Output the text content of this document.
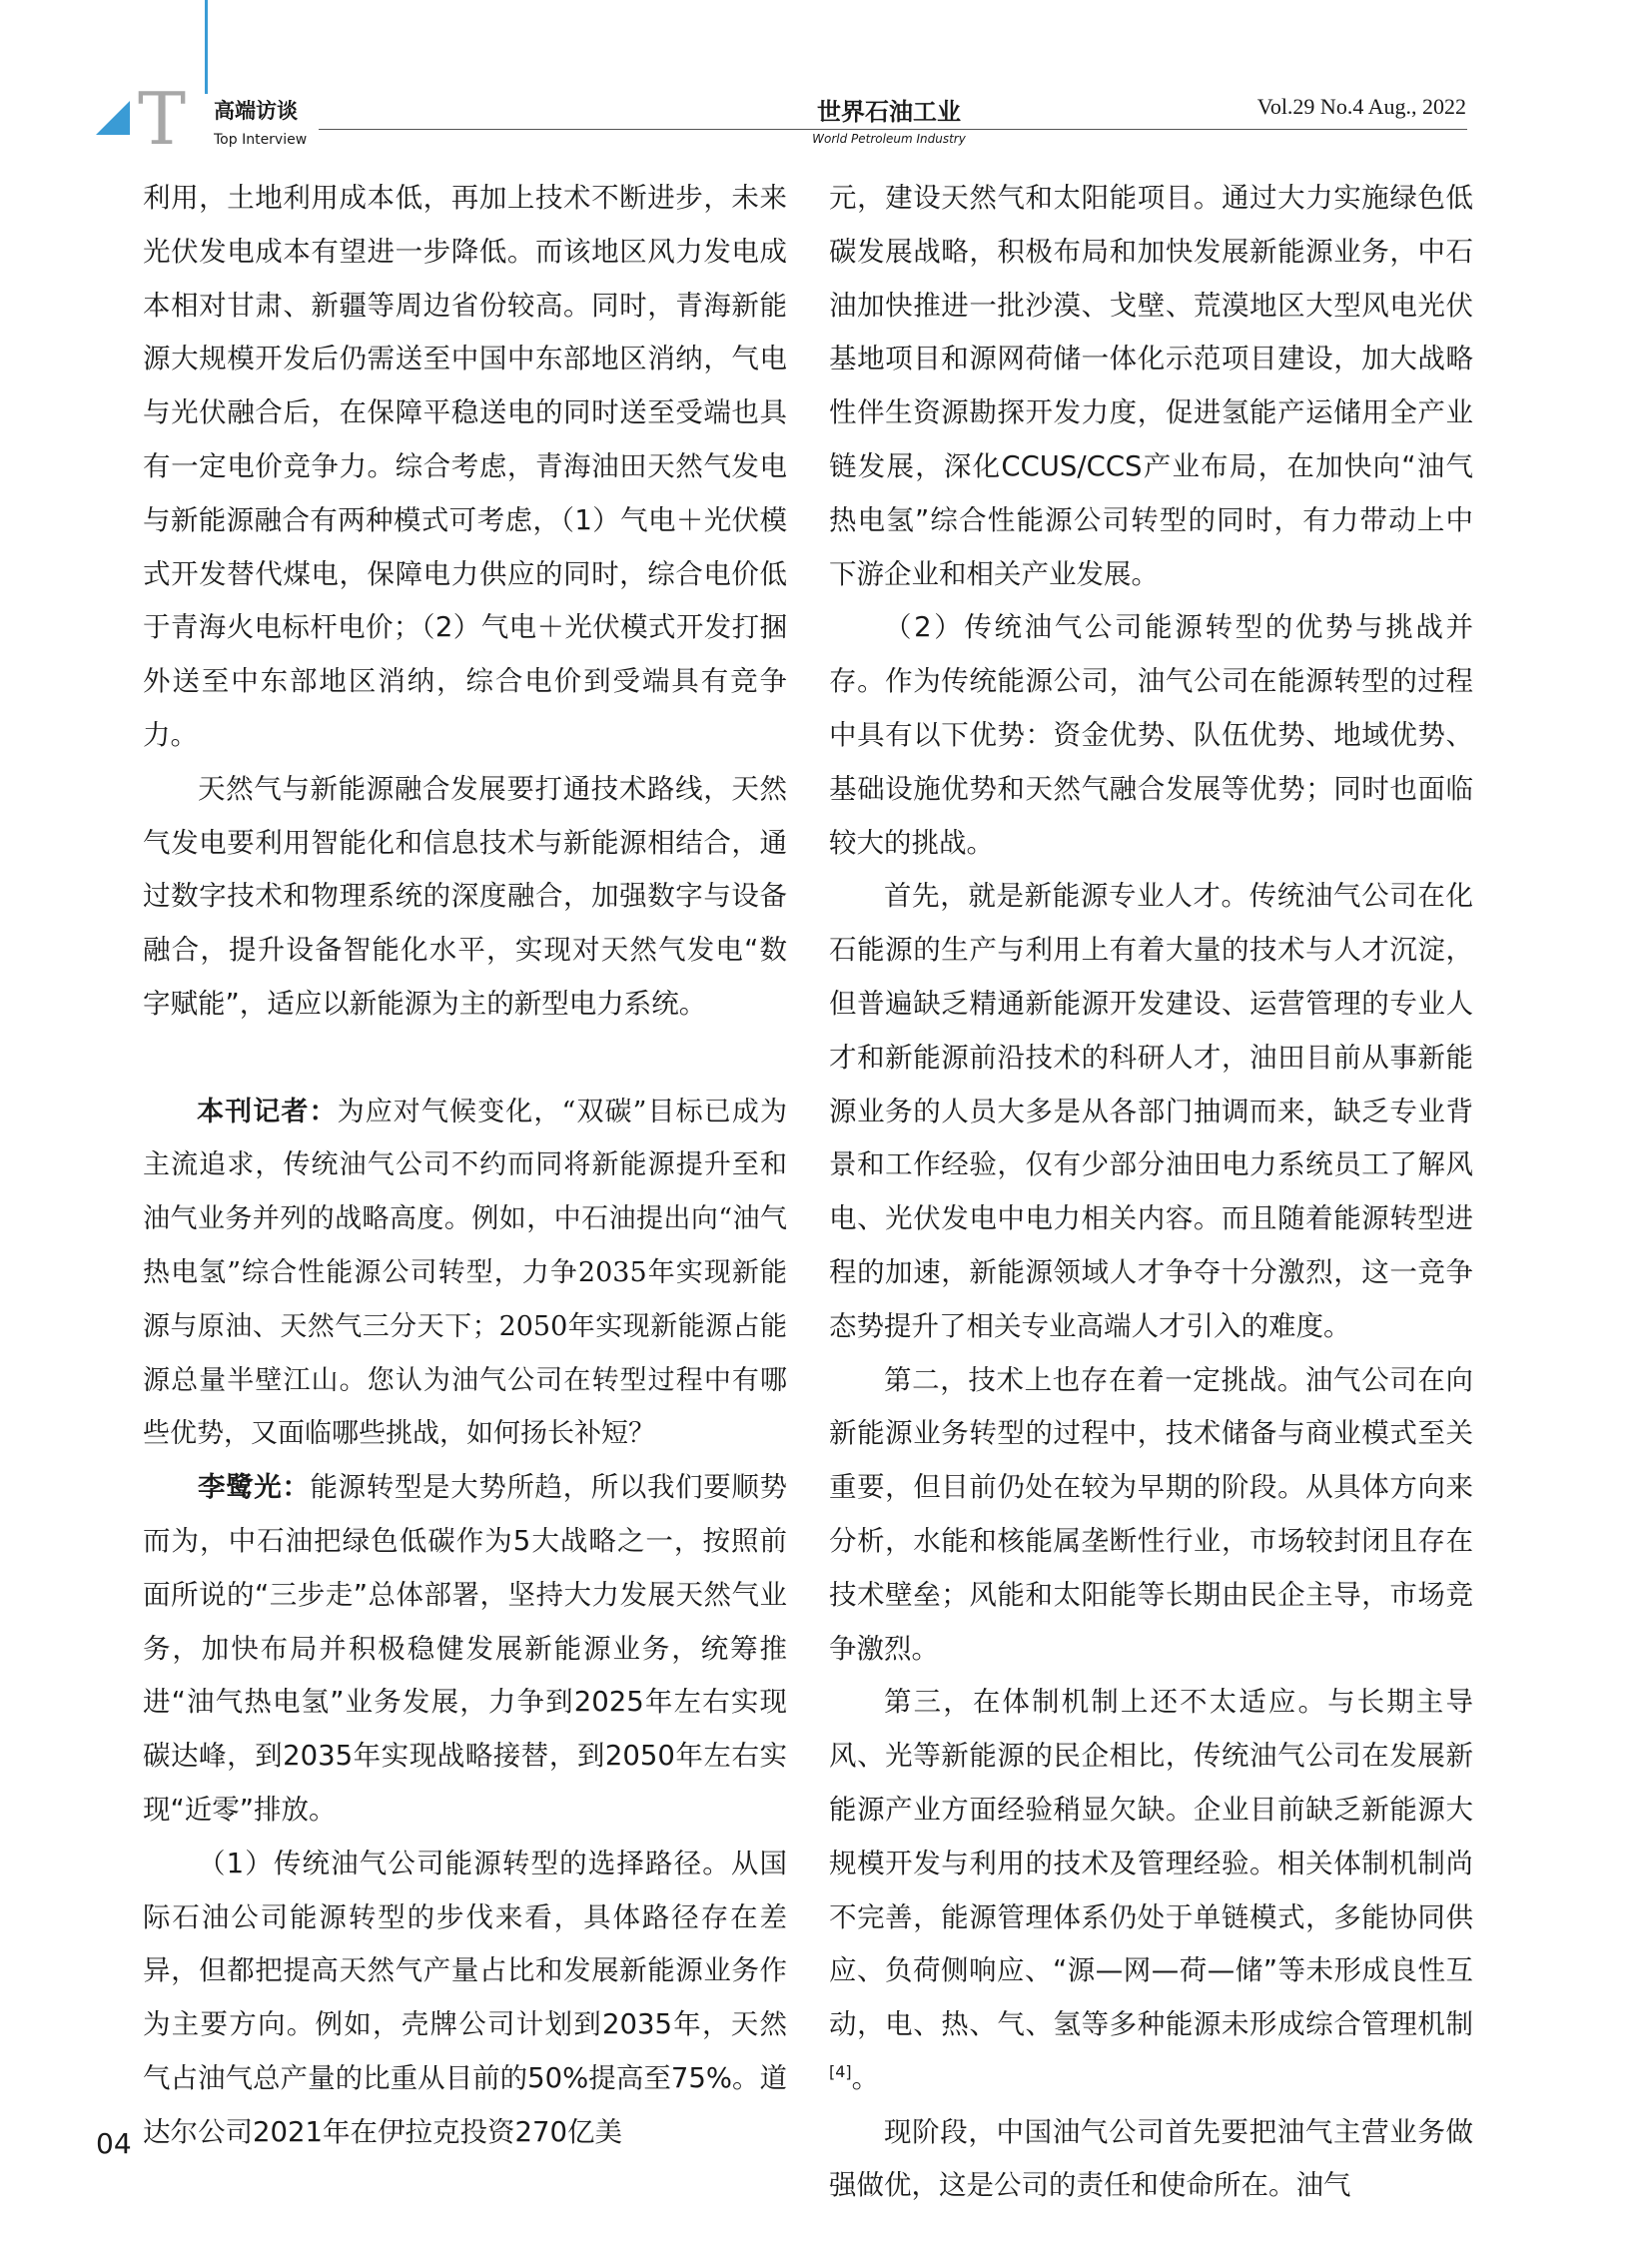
T 高端访谈
Top Interview
世界石油工业
World Petroleum Industry
Vol.29 No.4 Aug., 2022

利用，土地利用成本低，再加上技术不断进步，未来光伏发电成本有望进一步降低。而该地区风力发电成本相对甘肃、新疆等周边省份较高。同时，青海新能源大规模开发后仍需送至中国中东部地区消纳，气电与光伏融合后，在保障平稳送电的同时送至受端也具有一定电价竞争力。综合考虑，青海油田天然气发电与新能源融合有两种模式可考虑，（1）气电＋光伏模式开发替代煤电，保障电力供应的同时，综合电价低于青海火电标杆电价；（2）气电＋光伏模式开发打捆外送至中东部地区消纳，综合电价到受端具有竞争力。

天然气与新能源融合发展要打通技术路线，天然气发电要利用智能化和信息技术与新能源相结合，通过数字技术和物理系统的深度融合，加强数字与设备融合，提升设备智能化水平，实现对天然气发电“数字赋能”，适应以新能源为主的新型电力系统。

本刊记者：为应对气候变化，“双碳”目标已成为主流追求，传统油气公司不约而同将新能源提升至和油气业务并列的战略高度。例如，中石油提出向“油气热电氢”综合性能源公司转型，力争2035年实现新能源与原油、天然气三分天下；2050年实现新能源占能源总量半壁江山。您认为油气公司在转型过程中有哪些优势，又面临哪些挑战，如何扬长补短？

李鹭光：能源转型是大势所趋，所以我们要顺势而为，中石油把绿色低碳作为5大战略之一，按照前面所说的“三步走”总体部署，坚持大力发展天然气业务，加快布局并积极稳健发展新能源业务，统筹推进“油气热电氢”业务发展，力争到2025年左右实现碳达峰，到2035年实现战略接替，到2050年左右实现“近零”排放。

（1）传统油气公司能源转型的选择路径。从国际石油公司能源转型的步伐来看，具体路径存在差异，但都把提高天然气产量占比和发展新能源业务作为主要方向。例如，壳牌公司计划到2035年，天然气占油气总产量的比重从目前的50%提高至75%。道达尔公司2021年在伊拉克投资270亿美

元，建设天然气和太阳能项目。通过大力实施绿色低碳发展战略，积极布局和加快发展新能源业务，中石油加快推进一批沙漠、戈壁、荒漠地区大型风电光伏基地项目和源网荷储一体化示范项目建设，加大战略性伴生资源勘探开发力度，促进氢能产运储用全产业链发展，深化CCUS/CCS产业布局，在加快向“油气热电氢”综合性能源公司转型的同时，有力带动上中下游企业和相关产业发展。

（2）传统油气公司能源转型的优势与挑战并存。作为传统能源公司，油气公司在能源转型的过程中具有以下优势：资金优势、队伍优势、地域优势、基础设施优势和天然气融合发展等优势；同时也面临较大的挑战。

首先，就是新能源专业人才。传统油气公司在化石能源的生产与利用上有着大量的技术与人才沉淀，但普遍缺乏精通新能源开发建设、运营管理的专业人才和新能源前沿技术的科研人才，油田目前从事新能源业务的人员大多是从各部门抽调而来，缺乏专业背景和工作经验，仅有少部分油田电力系统员工了解风电、光伏发电中电力相关内容。而且随着能源转型进程的加速，新能源领域人才争夺十分激烈，这一竞争态势提升了相关专业高端人才引入的难度。

第二，技术上也存在着一定挑战。油气公司在向新能源业务转型的过程中，技术储备与商业模式至关重要，但目前仍处在较为早期的阶段。从具体方向来分析，水能和核能属垄断性行业，市场较封闭且存在技术壁垒；风能和太阳能等长期由民企主导，市场竞争激烈。

第三，在体制机制上还不太适应。与长期主导风、光等新能源的民企相比，传统油气公司在发展新能源产业方面经验稍显欠缺。企业目前缺乏新能源大规模开发与利用的技术及管理经验。相关体制机制尚不完善，能源管理体系仍处于单链模式，多能协同供应、负荷侧响应、“源—网—荷—储”等未形成良性互动，电、热、气、氢等多种能源未形成综合管理机制[4]。

现阶段，中国油气公司首先要把油气主营业务做强做优，这是公司的责任和使命所在。油气

04
